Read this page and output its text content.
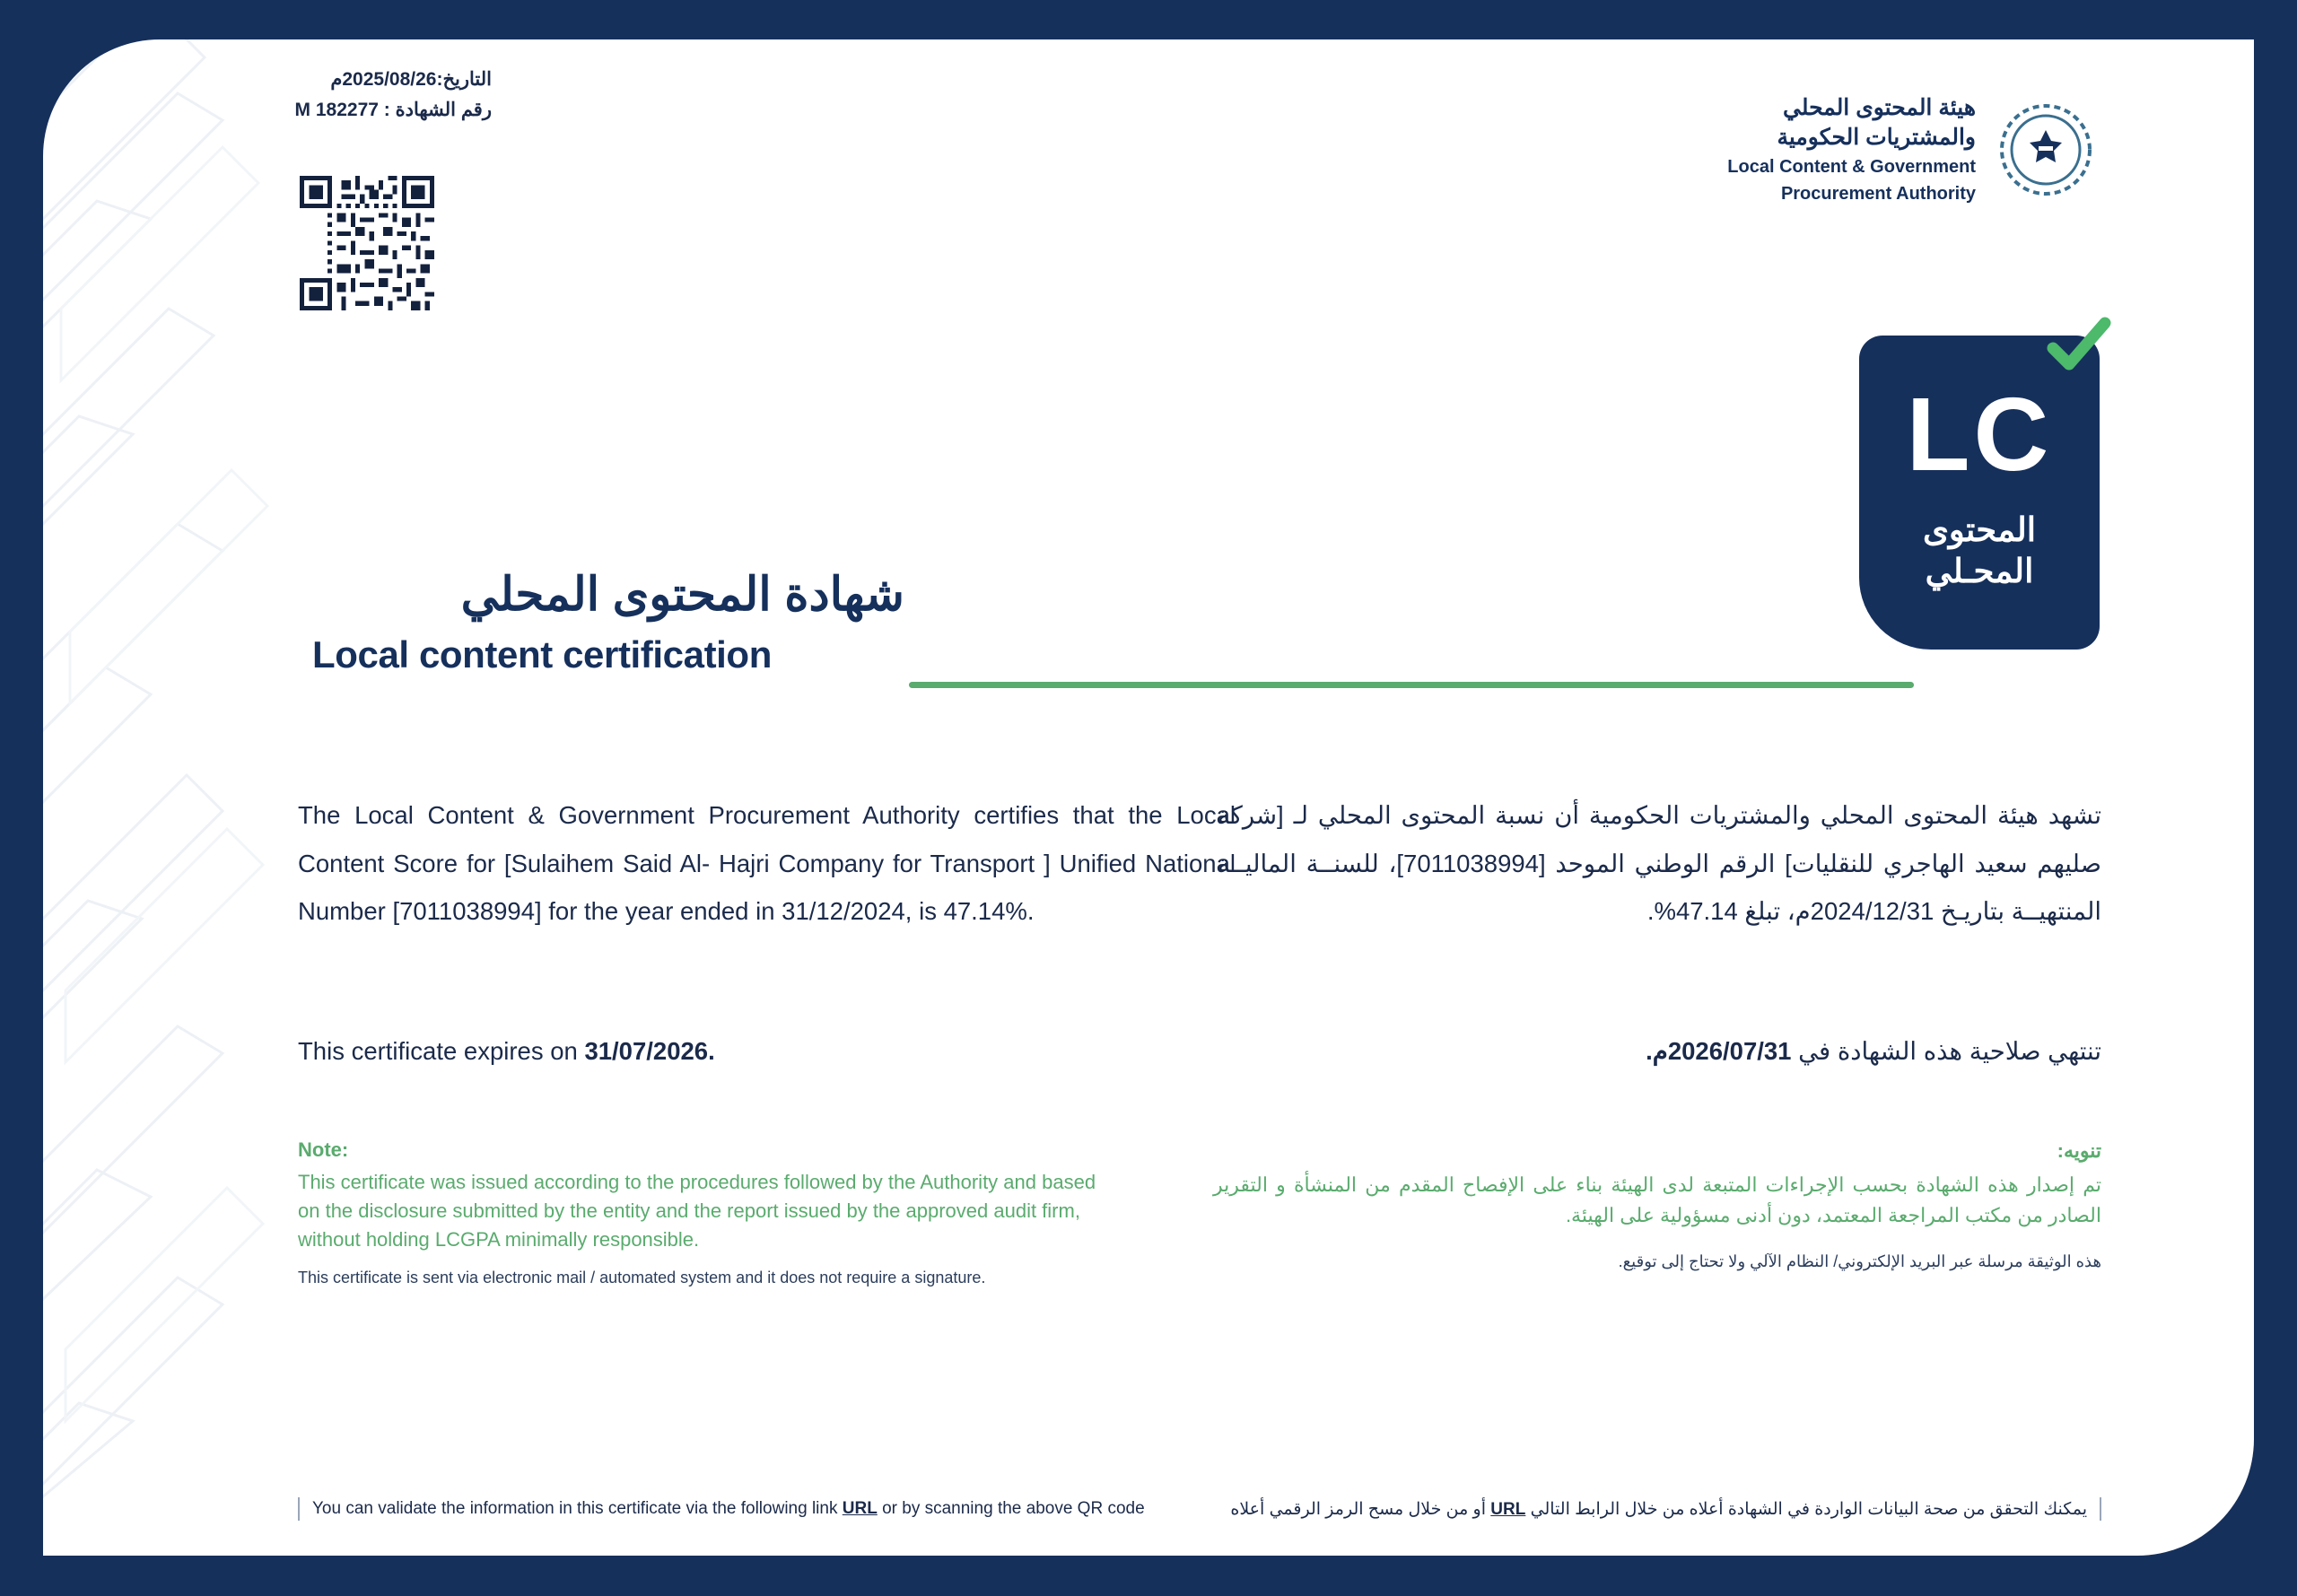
التاريخ:2025/08/26م
رقم الشهادة : 182277 M	هيئة المحتوى المحلي
والمشتريات الحكومية
Local Content & Government
Procurement Authority
LC
المحتوى
المحـلي
شهادة المحتوى المحلي
Local content certification
The Local Content & Government Procurement Authority certifies that the Local Content Score for [Sulaihem Said Al- Hajri Company for Transport ] Unified National Number [7011038994] for the year ended in 31/12/2024, is 47.14%.
تشهد هيئة المحتوى المحلي والمشتريات الحكومية أن نسبة المحتوى المحلي لـ [شركة صليهم سعيد الهاجري للنقليات] الرقم الوطني الموحد [7011038994]، للسنــة الماليــة المنتهيــة بتاريـخ 2024/12/31م، تبلغ 47.14%.
This certificate expires on 31/07/2026.	تنتهي صلاحية هذه الشهادة في 2026/07/31م.
Note:
This certificate was issued according to the procedures followed by the Authority and based on the disclosure submitted by the entity and the report issued by the approved audit firm, without holding LCGPA minimally responsible.
This certificate is sent via electronic mail / automated system and it does not require a signature.
تنويه:
تم إصدار هذه الشهادة بحسب الإجراءات المتبعة لدى الهيئة بناء على الإفصاح المقدم من المنشأة و التقرير الصادر من مكتب المراجعة المعتمد، دون أدنى مسؤولية على الهيئة.
هذه الوثيقة مرسلة عبر البريد الإلكتروني/ النظام الآلي ولا تحتاج إلى توقيع.
You can validate the information in this certificate via the following link URL or by scanning the above QR code	يمكنك التحقق من صحة البيانات الواردة في الشهادة أعلاه من خلال الرابط التالي URL أو من خلال مسح الرمز الرقمي أعلاه
